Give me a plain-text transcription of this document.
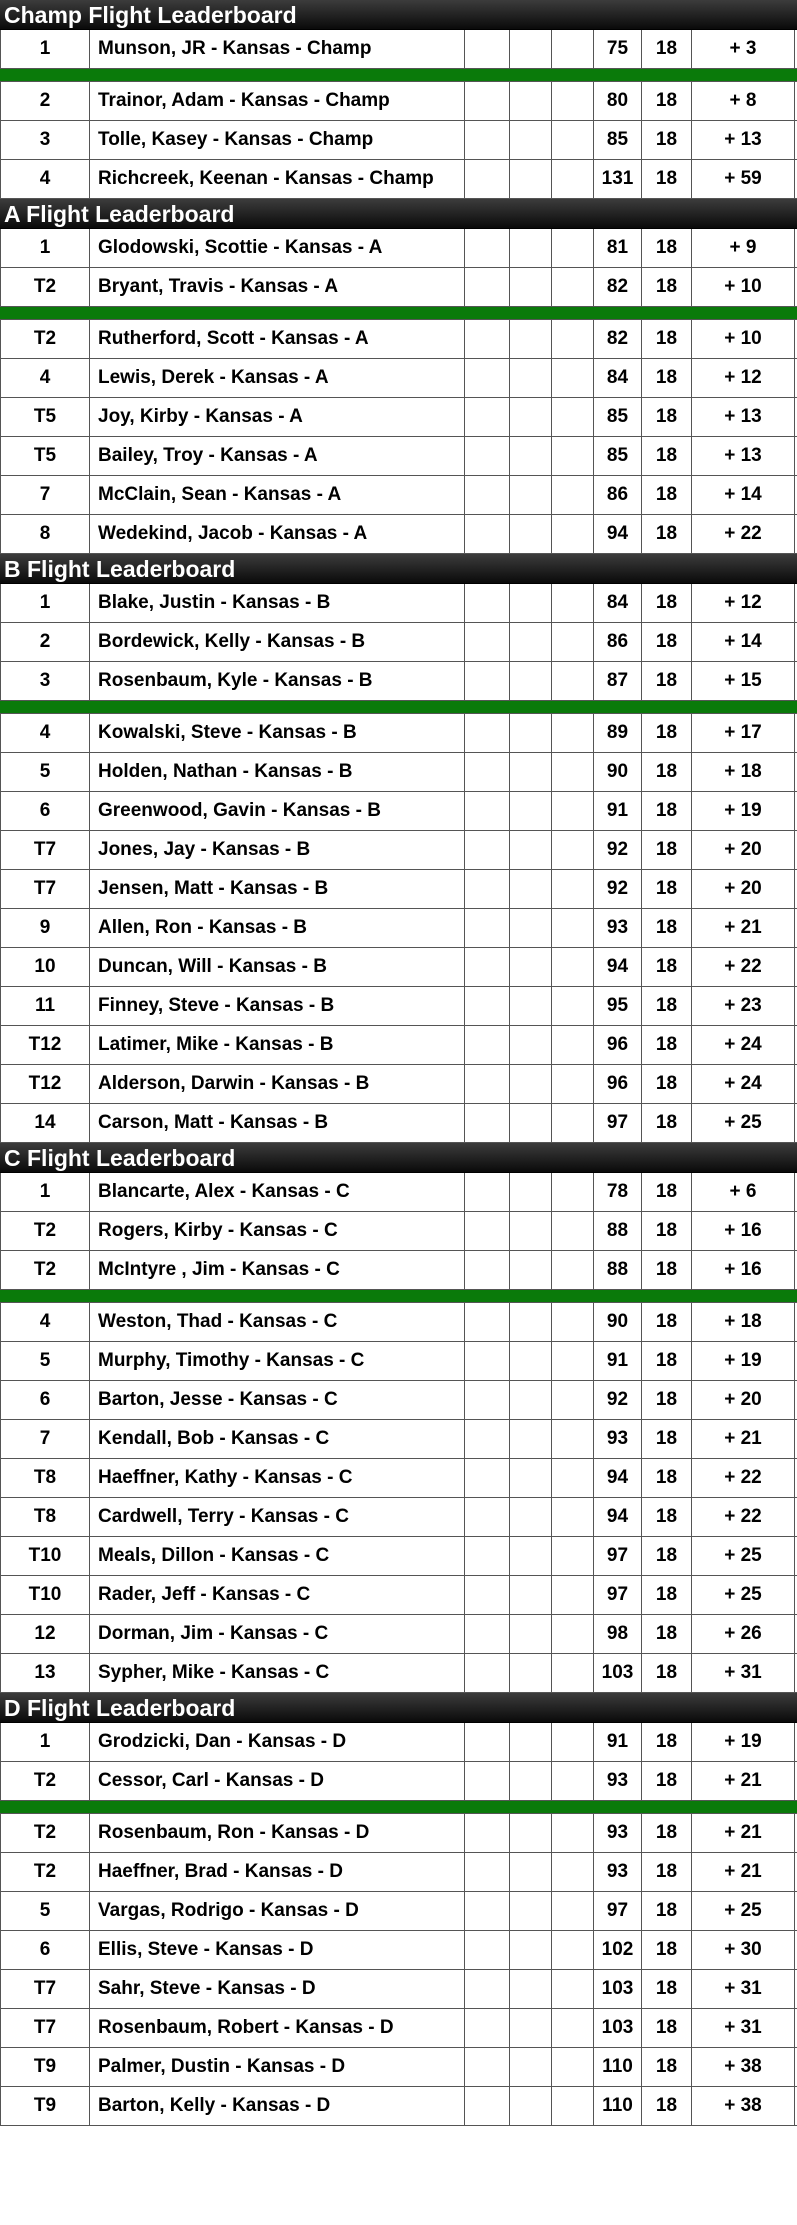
Champ Flight Leaderboard
1	Munson, JR - Kansas - Champ	75	18	+ 3
2	Trainor, Adam - Kansas - Champ	80	18	+ 8
3	Tolle, Kasey - Kansas - Champ	85	18	+ 13
4	Richcreek, Keenan - Kansas - Champ	131	18	+ 59
A Flight Leaderboard
1	Glodowski, Scottie - Kansas - A	81	18	+ 9
T2	Bryant, Travis - Kansas - A	82	18	+ 10
T2	Rutherford, Scott - Kansas - A	82	18	+ 10
4	Lewis, Derek - Kansas - A	84	18	+ 12
T5	Joy, Kirby - Kansas - A	85	18	+ 13
T5	Bailey, Troy - Kansas - A	85	18	+ 13
7	McClain, Sean - Kansas - A	86	18	+ 14
8	Wedekind, Jacob - Kansas - A	94	18	+ 22
B Flight Leaderboard
1	Blake, Justin - Kansas - B	84	18	+ 12
2	Bordewick, Kelly - Kansas - B	86	18	+ 14
3	Rosenbaum, Kyle - Kansas - B	87	18	+ 15
4	Kowalski, Steve - Kansas - B	89	18	+ 17
5	Holden, Nathan - Kansas - B	90	18	+ 18
6	Greenwood, Gavin - Kansas - B	91	18	+ 19
T7	Jones, Jay - Kansas - B	92	18	+ 20
T7	Jensen, Matt - Kansas - B	92	18	+ 20
9	Allen, Ron - Kansas - B	93	18	+ 21
10	Duncan, Will - Kansas - B	94	18	+ 22
11	Finney, Steve - Kansas - B	95	18	+ 23
T12	Latimer, Mike - Kansas - B	96	18	+ 24
T12	Alderson, Darwin - Kansas - B	96	18	+ 24
14	Carson, Matt - Kansas - B	97	18	+ 25
C Flight Leaderboard
1	Blancarte, Alex - Kansas - C	78	18	+ 6
T2	Rogers, Kirby - Kansas - C	88	18	+ 16
T2	McIntyre , Jim - Kansas - C	88	18	+ 16
4	Weston, Thad - Kansas - C	90	18	+ 18
5	Murphy, Timothy - Kansas - C	91	18	+ 19
6	Barton, Jesse - Kansas - C	92	18	+ 20
7	Kendall, Bob - Kansas - C	93	18	+ 21
T8	Haeffner, Kathy - Kansas - C	94	18	+ 22
T8	Cardwell, Terry - Kansas - C	94	18	+ 22
T10	Meals, Dillon - Kansas - C	97	18	+ 25
T10	Rader, Jeff - Kansas - C	97	18	+ 25
12	Dorman, Jim - Kansas - C	98	18	+ 26
13	Sypher, Mike - Kansas - C	103	18	+ 31
D Flight Leaderboard
1	Grodzicki, Dan - Kansas - D	91	18	+ 19
T2	Cessor, Carl - Kansas - D	93	18	+ 21
T2	Rosenbaum, Ron - Kansas - D	93	18	+ 21
T2	Haeffner, Brad - Kansas - D	93	18	+ 21
5	Vargas, Rodrigo - Kansas - D	97	18	+ 25
6	Ellis, Steve - Kansas - D	102	18	+ 30
T7	Sahr, Steve - Kansas - D	103	18	+ 31
T7	Rosenbaum, Robert - Kansas - D	103	18	+ 31
T9	Palmer, Dustin - Kansas - D	110	18	+ 38
T9	Barton, Kelly - Kansas - D	110	18	+ 38
